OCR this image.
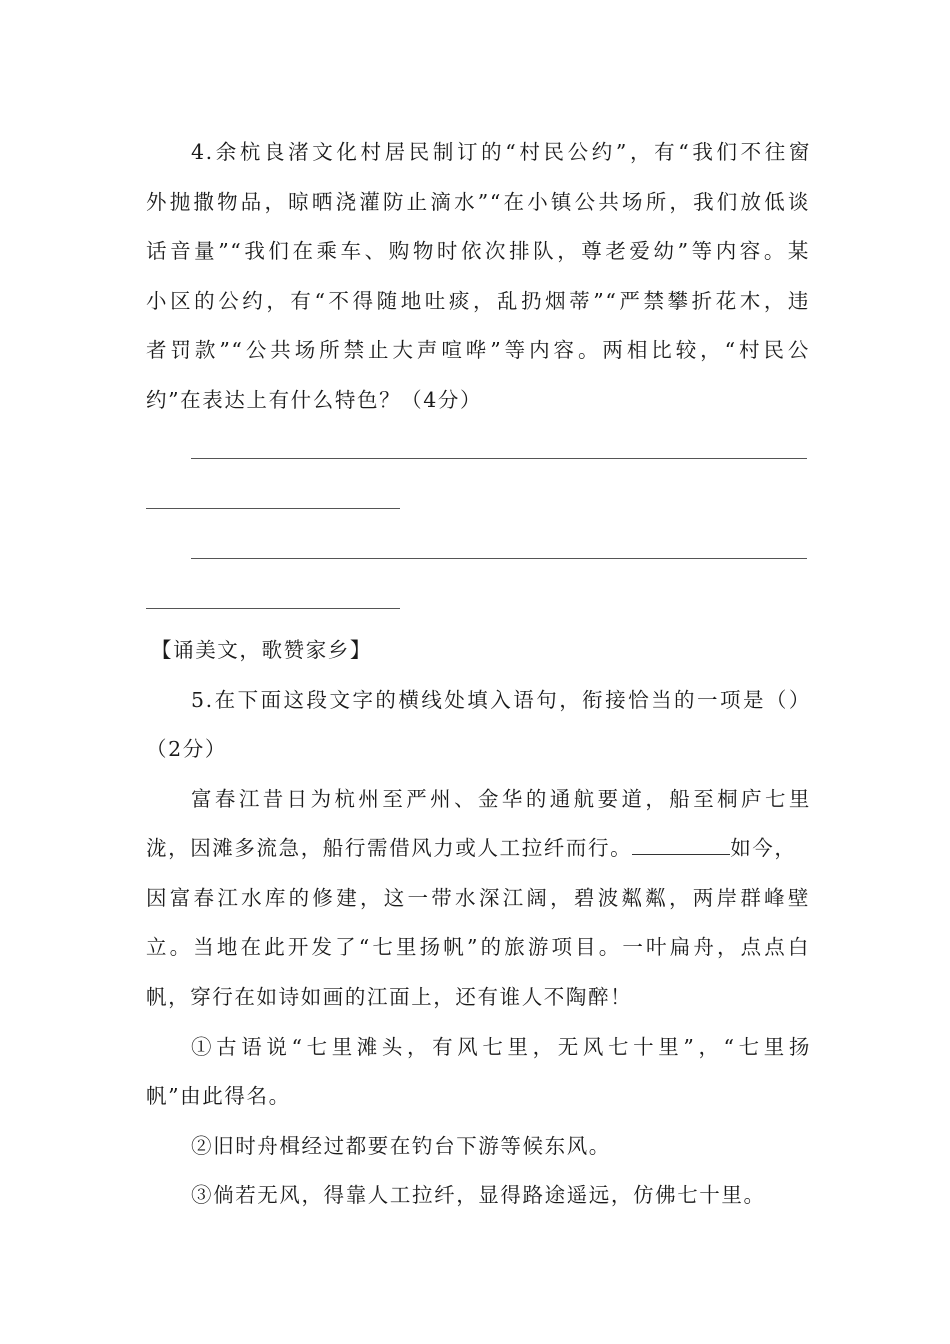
4.余杭良渚文化村居民制订的“村民公约”，有“我们不往窗
外抛撒物品，晾晒浇灌防止滴水”“在小镇公共场所，我们放低谈
话音量”“我们在乘车、购物时依次排队，尊老爱幼”等内容。某
小区的公约，有“不得随地吐痰，乱扔烟蒂”“严禁攀折花木，违
者罚款”“公共场所禁止大声喧哗”等内容。两相比较，“村民公
约”在表达上有什么特色？（4分）
【诵美文，歌赞家乡】
5.在下面这段文字的横线处填入语句，衔接恰当的一项是（）
（2分）
富春江昔日为杭州至严州、金华的通航要道，船至桐庐七里
泷，因滩多流急，船行需借风力或人工拉纤而行。	如今，
因富春江水库的修建，这一带水深江阔，碧波粼粼，两岸群峰壁
立。当地在此开发了“七里扬帆”的旅游项目。一叶扁舟，点点白
帆，穿行在如诗如画的江面上，还有谁人不陶醉！
①古语说“七里滩头，有风七里，无风七十里”，“七里扬
帆”由此得名。
②旧时舟楫经过都要在钓台下游等候东风。
③倘若无风，得靠人工拉纤，显得路途遥远，仿佛七十里。
